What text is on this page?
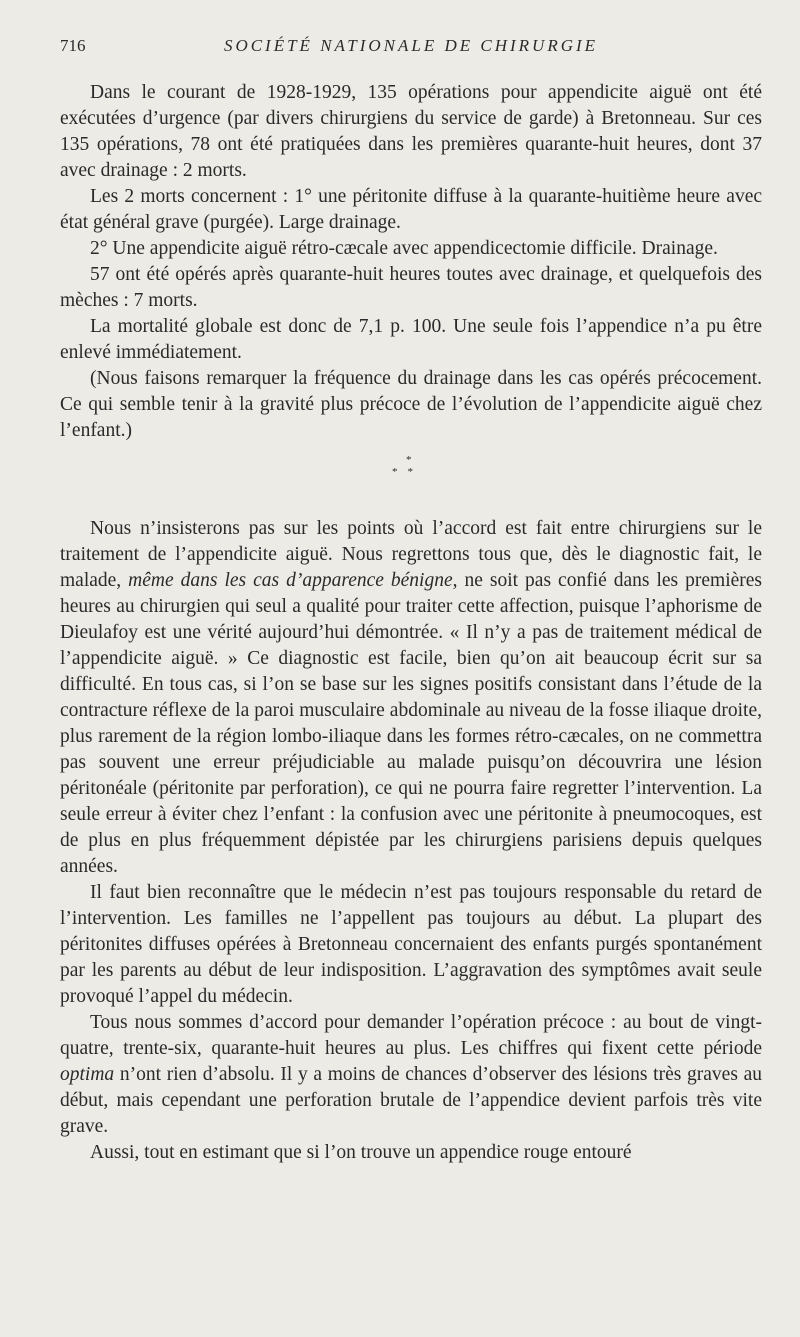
716	SOCIÉTÉ NATIONALE DE CHIRURGIE

Dans le courant de 1928-1929, 135 opérations pour appendicite aiguë ont été exécutées d’urgence (par divers chirurgiens du service de garde) à Bretonneau. Sur ces 135 opérations, 78 ont été pratiquées dans les premières quarante-huit heures, dont 37 avec drainage : 2 morts.

Les 2 morts concernent : 1° une péritonite diffuse à la quarante-huitième heure avec état général grave (purgée). Large drainage.

2° Une appendicite aiguë rétro-cæcale avec appendicectomie difficile. Drainage.

57 ont été opérés après quarante-huit heures toutes avec drainage, et quelquefois des mèches : 7 morts.

La mortalité globale est donc de 7,1 p. 100. Une seule fois l’appendice n’a pu être enlevé immédiatement.

(Nous faisons remarquer la fréquence du drainage dans les cas opérés précocement. Ce qui semble tenir à la gravité plus précoce de l’évolution de l’appendicite aiguë chez l’enfant.)

*
**

Nous n’insisterons pas sur les points où l’accord est fait entre chirurgiens sur le traitement de l’appendicite aiguë. Nous regrettons tous que, dès le diagnostic fait, le malade, même dans les cas d’apparence bénigne, ne soit pas confié dans les premières heures au chirurgien qui seul a qualité pour traiter cette affection, puisque l’aphorisme de Dieulafoy est une vérité aujourd’hui démontrée. « Il n’y a pas de traitement médical de l’appendicite aiguë. » Ce diagnostic est facile, bien qu’on ait beaucoup écrit sur sa difficulté. En tous cas, si l’on se base sur les signes positifs consistant dans l’étude de la contracture réflexe de la paroi musculaire abdominale au niveau de la fosse iliaque droite, plus rarement de la région lombo-iliaque dans les formes rétro-cæcales, on ne commettra pas souvent une erreur préjudiciable au malade puisqu’on découvrira une lésion péritonéale (péritonite par perforation), ce qui ne pourra faire regretter l’intervention. La seule erreur à éviter chez l’enfant : la confusion avec une péritonite à pneumocoques, est de plus en plus fréquemment dépistée par les chirurgiens parisiens depuis quelques années.

Il faut bien reconnaître que le médecin n’est pas toujours responsable du retard de l’intervention. Les familles ne l’appellent pas toujours au début. La plupart des péritonites diffuses opérées à Bretonneau concernaient des enfants purgés spontanément par les parents au début de leur indisposition. L’aggravation des symptômes avait seule provoqué l’appel du médecin.

Tous nous sommes d’accord pour demander l’opération précoce : au bout de vingt-quatre, trente-six, quarante-huit heures au plus. Les chiffres qui fixent cette période optima n’ont rien d’absolu. Il y a moins de chances d’observer des lésions très graves au début, mais cependant une perforation brutale de l’appendice devient parfois très vite grave.

Aussi, tout en estimant que si l’on trouve un appendice rouge entouré
